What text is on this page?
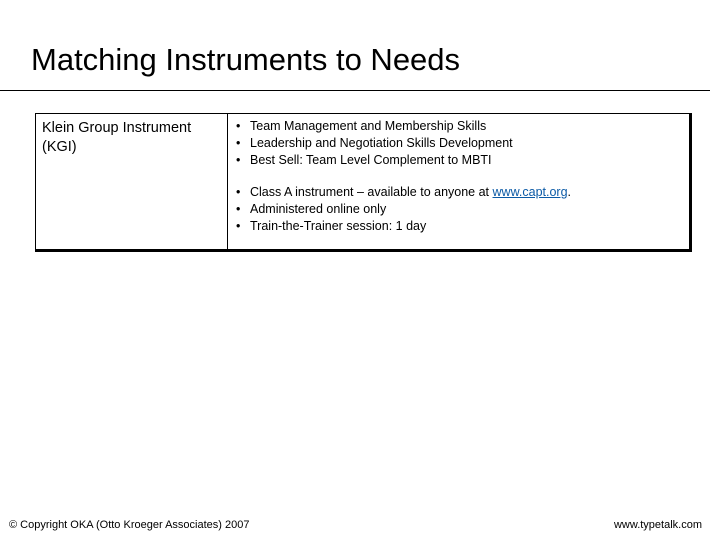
Matching Instruments to Needs
Klein Group Instrument (KGI)
• Team Management and Membership Skills
• Leadership and Negotiation Skills Development
• Best Sell: Team Level Complement to MBTI
• Class A instrument – available to anyone at www.capt.org.
• Administered online only
• Train-the-Trainer session: 1 day
© Copyright OKA (Otto Kroeger Associates) 2007	www.typetalk.com
